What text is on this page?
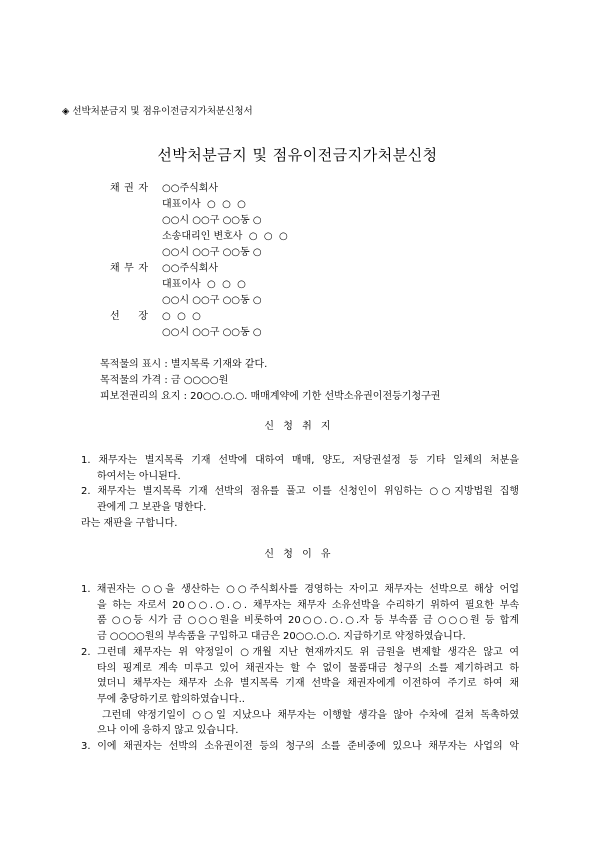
◈ 선박처분금지 및 점유이전금지가처분신청서
선박처분금지 및 점유이전금지가처분신청
채 권 자 ○○주식회사
대표이사  ○  ○  ○
○○시 ○○구 ○○동 ○
소송대리인 변호사  ○  ○  ○
○○시 ○○구 ○○동 ○
채 무 자 ○○주식회사
대표이사  ○  ○  ○
○○시 ○○구 ○○동 ○
선 장 ○  ○  ○
○○시 ○○구 ○○동 ○
목적물의 표시 : 별지목록 기재와 같다.
목적물의 가격 : 금 ○○○○원
피보전권리의 요지 : 20○○.○.○. 매매계약에 기한 선박소유권이전등기청구권
신 청 취 지
1. 채무자는 별지목록 기재 선박에 대하여 매매, 양도, 저당권설정 등 기타 일체의 처분을
하여서는 아니된다.
2. 채무자는 별지목록 기재 선박의 점유를 풀고 이를 신청인이 위임하는 ○○지방법원 집행
관에게 그 보관을 명한다.
라는 재판을 구합니다.
신 청 이 유
1. 채권자는 ○○을 생산하는 ○○주식회사를 경영하는 자이고 채무자는 선박으로 해상 어업
을 하는 자로서 20○○.○.○. 채무자는 채무자 소유선박을 수리하기 위하여 필요한 부속
품 ○○등 시가 금 ○○○원을 비롯하여 20○○.○.○.자 등 부속품 금 ○○○원 등 합계
금 ○○○○원의 부속품을 구입하고 대금은 20○○.○.○. 지급하기로 약정하였습니다.
2. 그런데 채무자는 위 약정일이 ○개월 지난 현재까지도 위 금원을 변제할 생각은 않고 여
타의 핑계로 계속 미루고 있어 채권자는 할 수 없이 물품대금 청구의 소를 제기하려고 하
였더니 채무자는 채무자 소유 별지목록 기재 선박을 채권자에게 이전하여 주기로 하여 채
무에 충당하기로 합의하였습니다..
그런데 약정기일이 ○○일 지났으나 채무자는 이행할 생각을 않아 수차에 걸쳐 독촉하였
으나 이에 응하지 않고 있습니다.
3. 이에 채권자는 선박의 소유권이전 등의 청구의 소를 준비중에 있으나 채무자는 사업의 악
